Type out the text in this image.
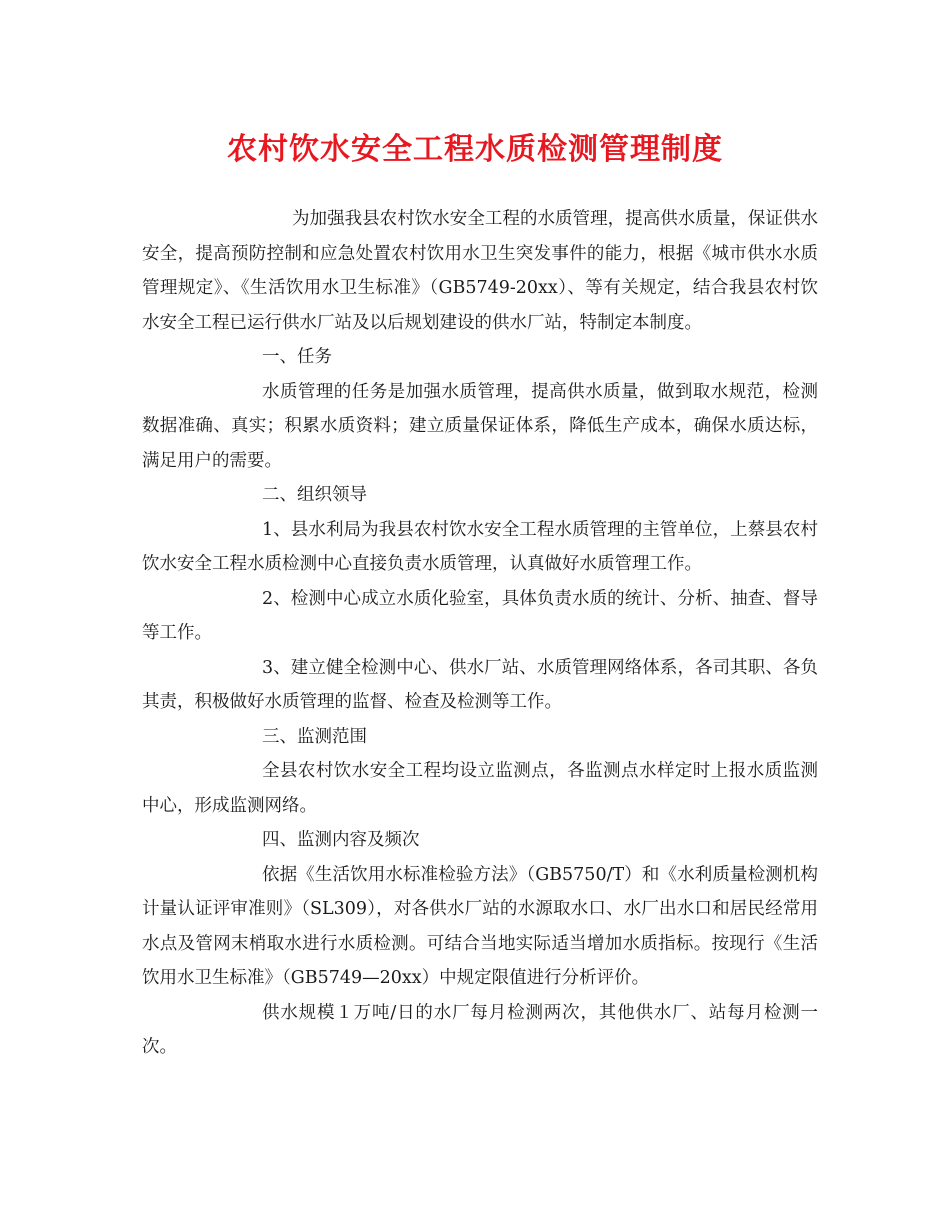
农村饮水安全工程水质检测管理制度

为加强我县农村饮水安全工程的水质管理，提高供水质量，保证供水安全，提高预防控制和应急处置农村饮用水卫生突发事件的能力，根据《城市供水水质管理规定》、《生活饮用水卫生标准》（GB5749-20xx）、等有关规定，结合我县农村饮水安全工程已运行供水厂站及以后规划建设的供水厂站，特制定本制度。

一、任务

水质管理的任务是加强水质管理，提高供水质量，做到取水规范，检测数据准确、真实；积累水质资料；建立质量保证体系，降低生产成本，确保水质达标，满足用户的需要。

二、组织领导

1、县水利局为我县农村饮水安全工程水质管理的主管单位，上蔡县农村饮水安全工程水质检测中心直接负责水质管理，认真做好水质管理工作。

2、检测中心成立水质化验室，具体负责水质的统计、分析、抽查、督导等工作。

3、建立健全检测中心、供水厂站、水质管理网络体系，各司其职、各负其责，积极做好水质管理的监督、检查及检测等工作。

三、监测范围

全县农村饮水安全工程均设立监测点，各监测点水样定时上报水质监测中心，形成监测网络。

四、监测内容及频次

依据《生活饮用水标准检验方法》（GB5750/T）和《水利质量检测机构计量认证评审准则》（SL309），对各供水厂站的水源取水口、水厂出水口和居民经常用水点及管网末梢取水进行水质检测。可结合当地实际适当增加水质指标。按现行《生活饮用水卫生标准》（GB5749—20xx）中规定限值进行分析评价。

供水规模１万吨/日的水厂每月检测两次，其他供水厂、站每月检测一次。
